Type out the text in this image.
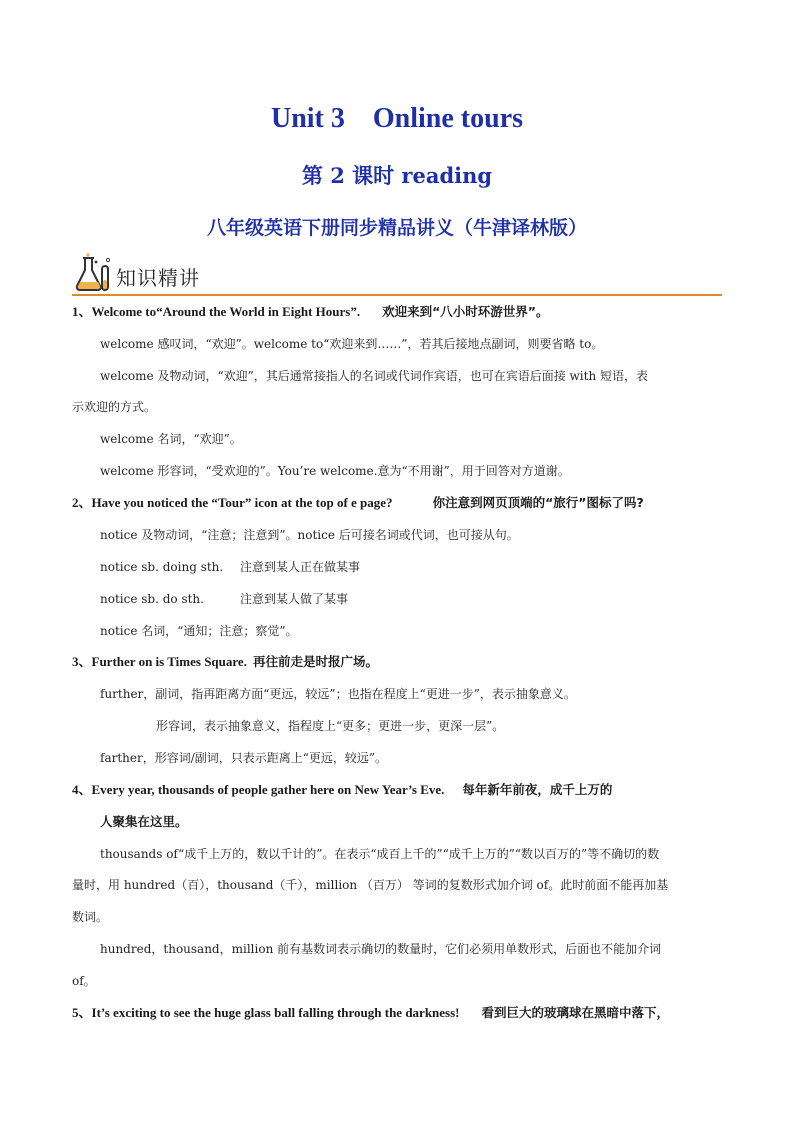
Unit 3    Online tours
第 2 课时 reading
八年级英语下册同步精品讲义（牛津译林版）
知识精讲
1、Welcome to“Around the World in Eight Hours”. 欢迎来到“八小时环游世界”。
welcome 感叹词，“欢迎”。welcome to“欢迎来到……”，若其后接地点副词，则要省略 to。
welcome 及物动词，“欢迎”，其后通常接指人的名词或代词作宾语，也可在宾语后面接 with 短语，表
示欢迎的方式。
welcome 名词，“欢迎”。
welcome 形容词，“受欢迎的”。You’re welcome.意为“不用谢”，用于回答对方道谢。
2、Have you noticed the “Tour” icon at the top of e page?	你注意到网页顶端的“旅行”图标了吗?
notice 及物动词，“注意；注意到”。notice 后可接名词或代词，也可接从句。
notice sb. doing sth. 注意到某人正在做某事
notice sb. do sth.	注意到某人做了某事
notice 名词，“通知；注意；察觉”。
3、Further on is Times Square. 再往前走是时报广场。
further，副词，指再距离方面“更远，较远”；也指在程度上“更进一步”，表示抽象意义。
形容词，表示抽象意义，指程度上“更多；更进一步，更深一层”。
farther，形容词/副词，只表示距离上“更远，较远”。
4、Every year, thousands of people gather here on New Year’s Eve. 每年新年前夜，成千上万的
人聚集在这里。
thousands of“成千上万的，数以千计的”。在表示“成百上千的”“成千上万的”“数以百万的”等不确切的数
量时，用 hundred（百），thousand（千），million （百万） 等词的复数形式加介词 of。此时前面不能再加基
数词。
hundred，thousand，million 前有基数词表示确切的数量时，它们必须用单数形式，后面也不能加介词
of。
5、It’s exciting to see the huge glass ball falling through the darkness! 看到巨大的玻璃球在黑暗中落下，
